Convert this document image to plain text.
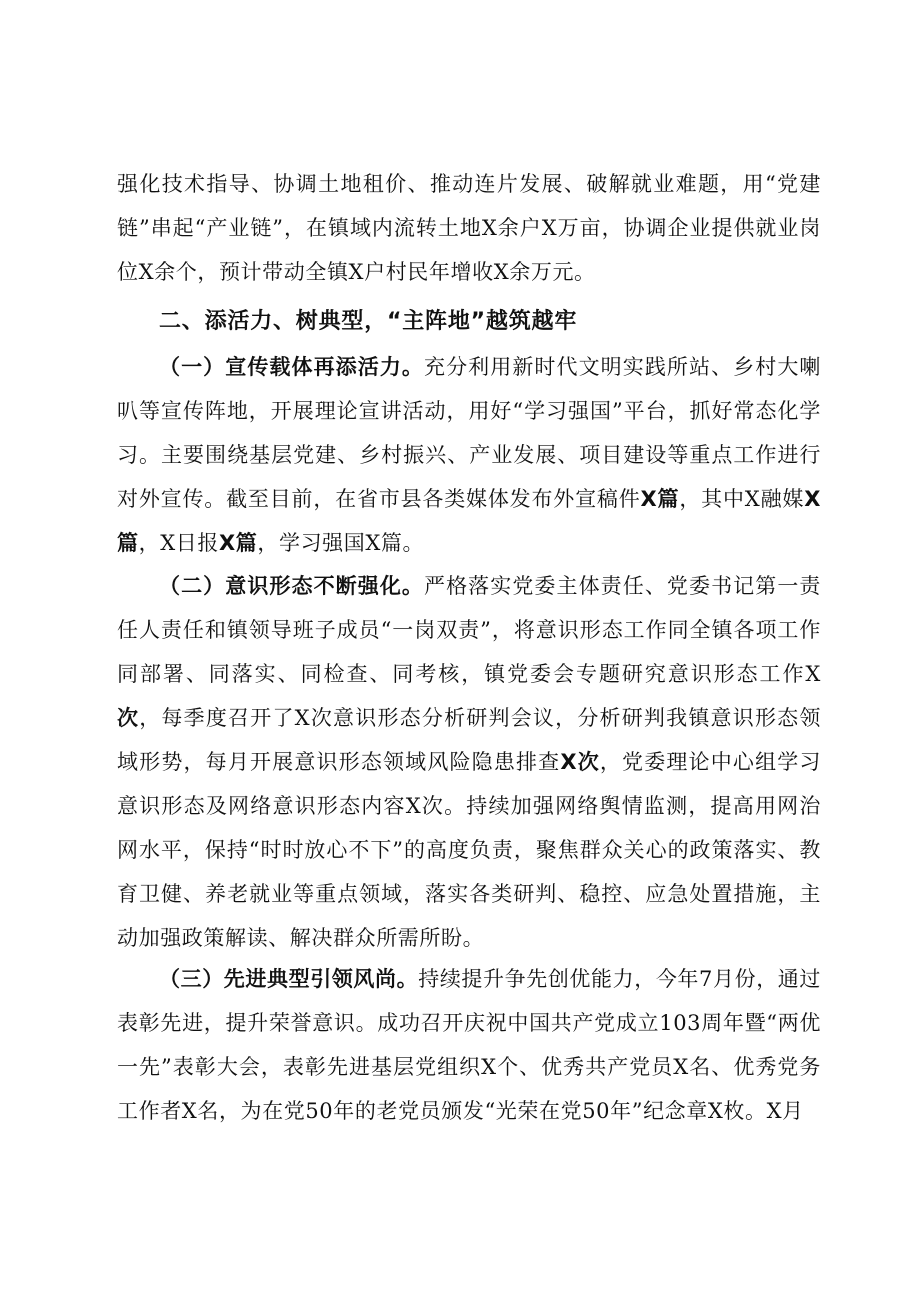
强化技术指导、协调土地租价、推动连片发展、破解就业难题，用“党建链”串起“产业链”，在镇域内流转土地X余户X万亩，协调企业提供就业岗位X余个，预计带动全镇X户村民年增收X余万元。

二、添活力、树典型，“主阵地”越筑越牢

（一）宣传载体再添活力。充分利用新时代文明实践所站、乡村大喇叭等宣传阵地，开展理论宣讲活动，用好“学习强国”平台，抓好常态化学习。主要围绕基层党建、乡村振兴、产业发展、项目建设等重点工作进行对外宣传。截至目前，在省市县各类媒体发布外宣稿件X篇，其中X融媒X篇，X日报X篇，学习强国X篇。

（二）意识形态不断强化。严格落实党委主体责任、党委书记第一责任人责任和镇领导班子成员“一岗双责”，将意识形态工作同全镇各项工作同部署、同落实、同检查、同考核，镇党委会专题研究意识形态工作X次，每季度召开了X次意识形态分析研判会议，分析研判我镇意识形态领域形势，每月开展意识形态领域风险隐患排查X次，党委理论中心组学习意识形态及网络意识形态内容X次。持续加强网络舆情监测，提高用网治网水平，保持“时时放心不下”的高度负责，聚焦群众关心的政策落实、教育卫健、养老就业等重点领域，落实各类研判、稳控、应急处置措施，主动加强政策解读、解决群众所需所盼。

（三）先进典型引领风尚。持续提升争先创优能力，今年7月份，通过表彰先进，提升荣誉意识。成功召开庆祝中国共产党成立103周年暨“两优一先”表彰大会，表彰先进基层党组织X个、优秀共产党员X名、优秀党务工作者X名，为在党50年的老党员颁发“光荣在党50年”纪念章X枚。X月
